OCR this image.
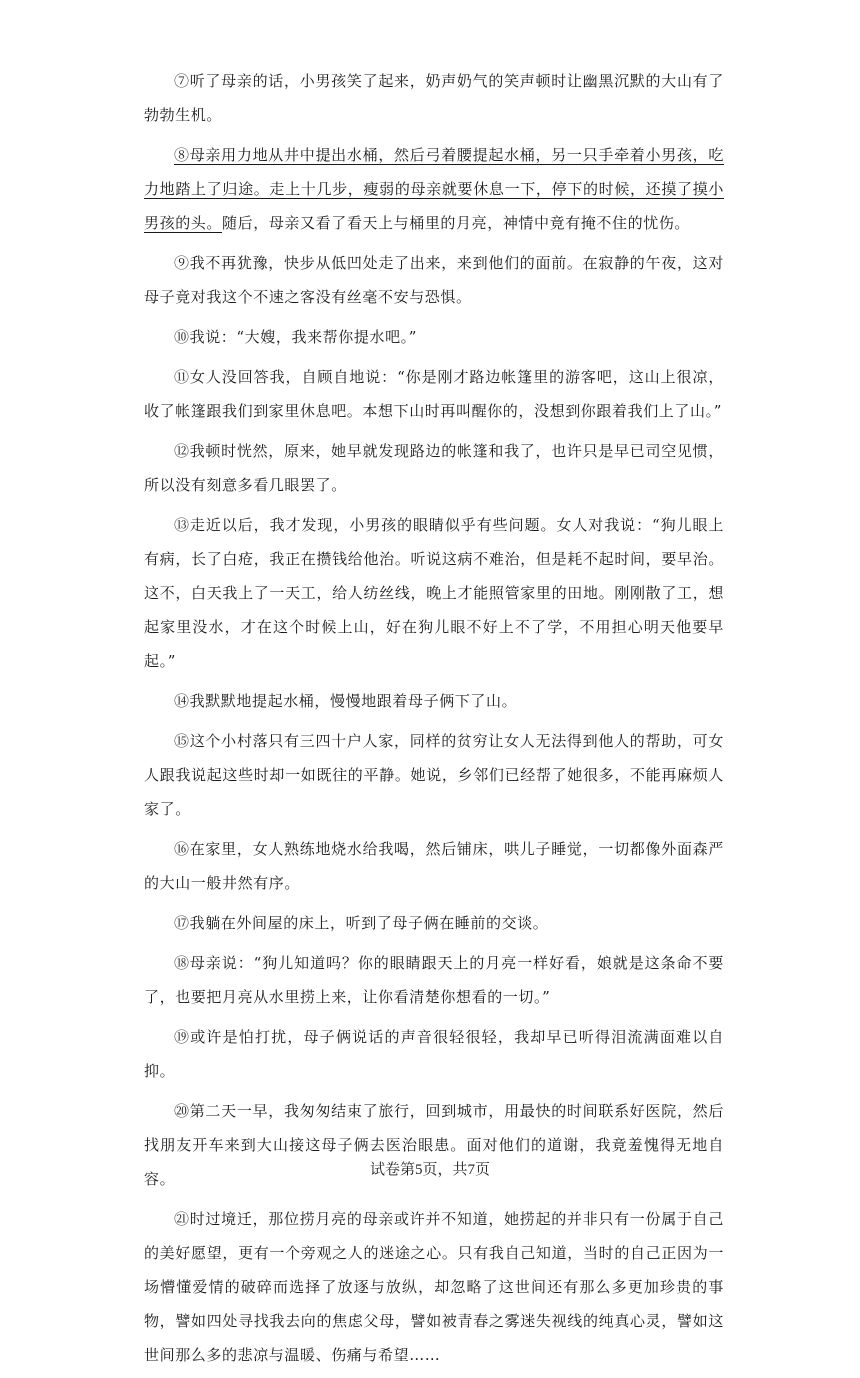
⑦听了母亲的话，小男孩笑了起来，奶声奶气的笑声顿时让幽黑沉默的大山有了勃勃生机。

⑧母亲用力地从井中提出水桶，然后弓着腰提起水桶，另一只手牵着小男孩，吃力地踏上了归途。走上十几步，瘦弱的母亲就要休息一下，停下的时候，还摸了摸小男孩的头。随后，母亲又看了看天上与桶里的月亮，神情中竟有掩不住的忧伤。

⑨我不再犹豫，快步从低凹处走了出来，来到他们的面前。在寂静的午夜，这对母子竟对我这个不速之客没有丝毫不安与恐惧。

⑩我说：“大嫂，我来帮你提水吧。”

⑪女人没回答我，自顾自地说：“你是刚才路边帐篷里的游客吧，这山上很凉，收了帐篷跟我们到家里休息吧。本想下山时再叫醒你的，没想到你跟着我们上了山。”

⑫我顿时恍然，原来，她早就发现路边的帐篷和我了，也许只是早已司空见惯，所以没有刻意多看几眼罢了。

⑬走近以后，我才发现，小男孩的眼睛似乎有些问题。女人对我说：“狗儿眼上有病，长了白疮，我正在攒钱给他治。听说这病不难治，但是耗不起时间，要早治。这不，白天我上了一天工，给人纺丝线，晚上才能照管家里的田地。刚刚散了工，想起家里没水，才在这个时候上山，好在狗儿眼不好上不了学，不用担心明天他要早起。”

⑭我默默地提起水桶，慢慢地跟着母子俩下了山。

⑮这个小村落只有三四十户人家，同样的贫穷让女人无法得到他人的帮助，可女人跟我说起这些时却一如既往的平静。她说，乡邻们已经帮了她很多，不能再麻烦人家了。

⑯在家里，女人熟练地烧水给我喝，然后铺床，哄儿子睡觉，一切都像外面森严的大山一般井然有序。

⑰我躺在外间屋的床上，听到了母子俩在睡前的交谈。

⑱母亲说：“狗儿知道吗？你的眼睛跟天上的月亮一样好看，娘就是这条命不要了，也要把月亮从水里捞上来，让你看清楚你想看的一切。”

⑲或许是怕打扰，母子俩说话的声音很轻很轻，我却早已听得泪流满面难以自抑。

⑳第二天一早，我匆匆结束了旅行，回到城市，用最快的时间联系好医院，然后找朋友开车来到大山接这母子俩去医治眼患。面对他们的道谢，我竟羞愧得无地自容。

㉑时过境迁，那位捞月亮的母亲或许并不知道，她捞起的并非只有一份属于自己的美好愿望，更有一个旁观之人的迷途之心。只有我自己知道，当时的自己正因为一场懵懂爱情的破碎而选择了放逐与放纵，却忽略了这世间还有那么多更加珍贵的事物，譬如四处寻找我去向的焦虑父母，譬如被青春之雾迷失视线的纯真心灵，譬如这世间那么多的悲凉与温暖、伤痛与希望……

试卷第5页，共7页
